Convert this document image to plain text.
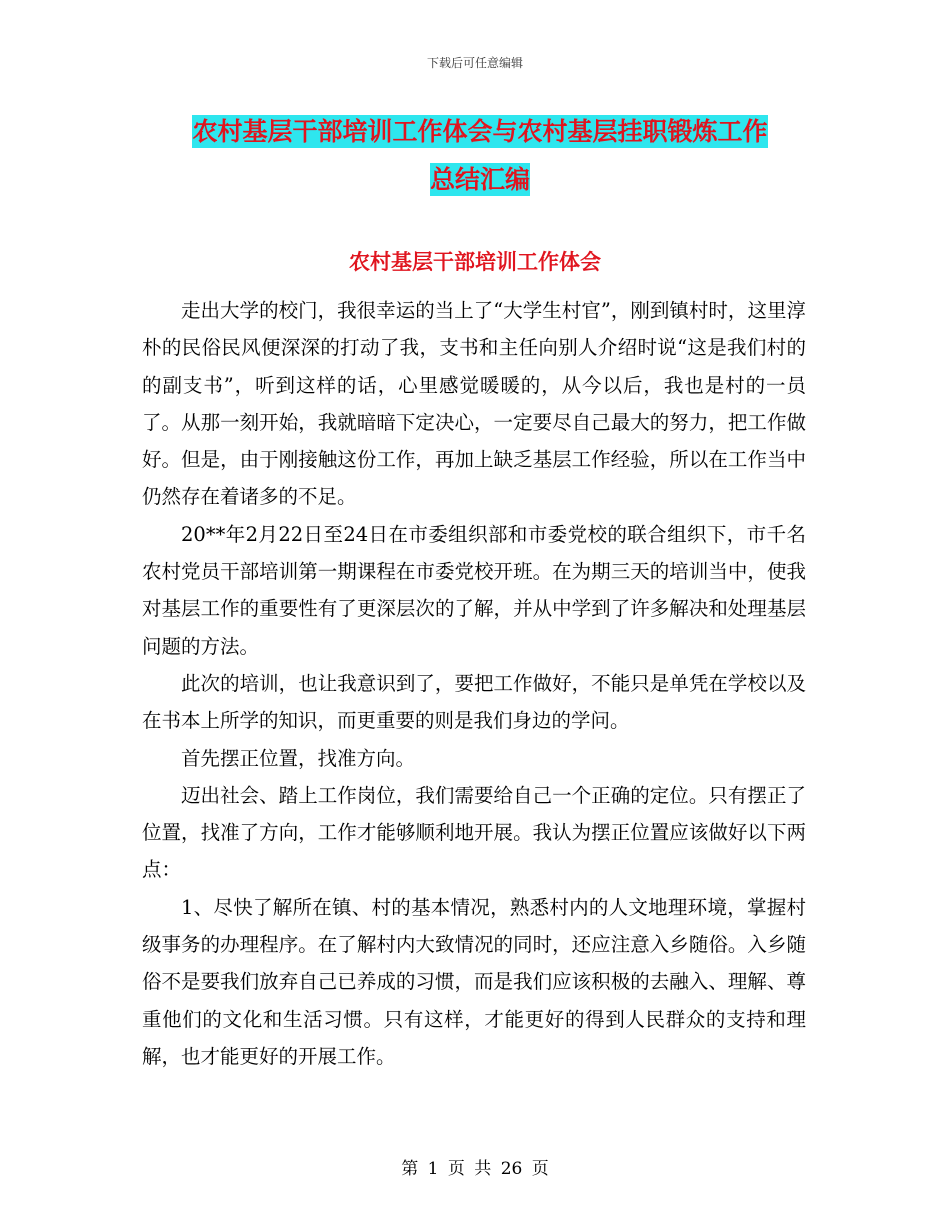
下载后可任意编辑
农村基层干部培训工作体会与农村基层挂职锻炼工作
总结汇编
农村基层干部培训工作体会

走出大学的校门，我很幸运的当上了“大学生村官”，刚到镇村时，这里淳朴的民俗民风便深深的打动了我，支书和主任向别人介绍时说“这是我们村的的副支书”，听到这样的话，心里感觉暖暖的，从今以后，我也是村的一员了。从那一刻开始，我就暗暗下定决心，一定要尽自己最大的努力，把工作做好。但是，由于刚接触这份工作，再加上缺乏基层工作经验，所以在工作当中仍然存在着诸多的不足。

20**年2月22日至24日在市委组织部和市委党校的联合组织下，市千名农村党员干部培训第一期课程在市委党校开班。在为期三天的培训当中，使我对基层工作的重要性有了更深层次的了解，并从中学到了许多解决和处理基层问题的方法。

此次的培训，也让我意识到了，要把工作做好，不能只是单凭在学校以及在书本上所学的知识，而更重要的则是我们身边的学问。

首先摆正位置，找准方向。

迈出社会、踏上工作岗位，我们需要给自己一个正确的定位。只有摆正了位置，找准了方向，工作才能够顺利地开展。我认为摆正位置应该做好以下两点：

1、尽快了解所在镇、村的基本情况，熟悉村内的人文地理环境，掌握村级事务的办理程序。在了解村内大致情况的同时，还应注意入乡随俗。入乡随俗不是要我们放弃自己已养成的习惯，而是我们应该积极的去融入、理解、尊重他们的文化和生活习惯。只有这样，才能更好的得到人民群众的支持和理解，也才能更好的开展工作。

第 1 页 共 26 页
